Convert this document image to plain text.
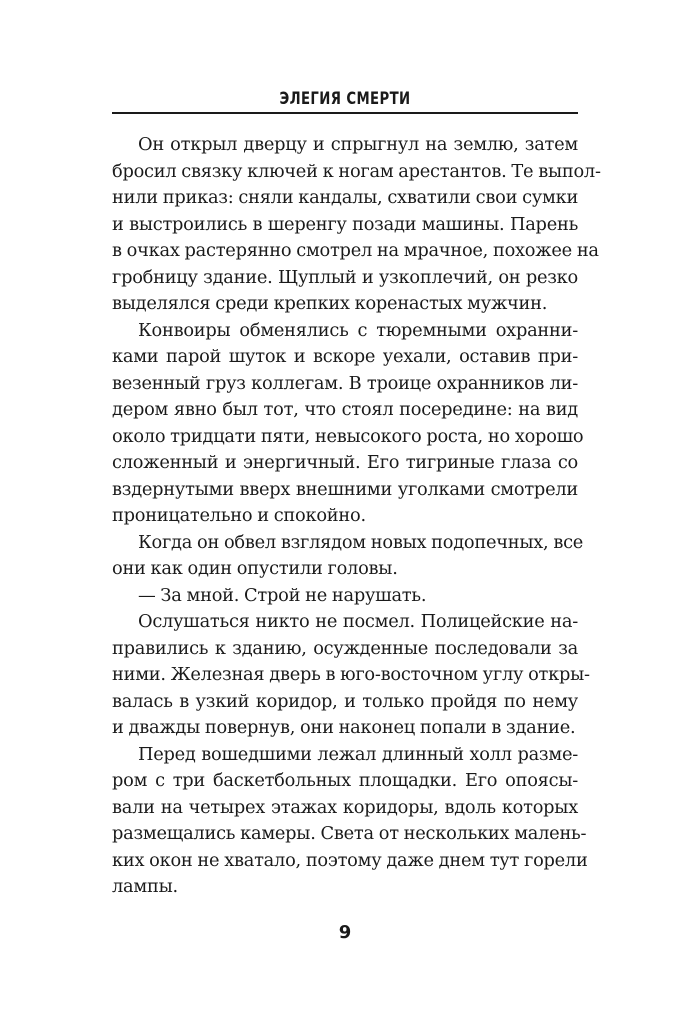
ЭЛЕГИЯ СМЕРТИ
Он открыл дверцу и спрыгнул на землю, затем
бросил связку ключей к ногам арестантов. Те выпол-
нили приказ: сняли кандалы, схватили свои сумки
и выстроились в шеренгу позади машины. Парень
в очках растерянно смотрел на мрачное, похожее на
гробницу здание. Щуплый и узкоплечий, он резко
выделялся среди крепких коренастых мужчин.
Конвоиры обменялись с тюремными охранни-
ками парой шуток и вскоре уехали, оставив при-
везенный груз коллегам. В троице охранников ли-
дером явно был тот, что стоял посередине: на вид
около тридцати пяти, невысокого роста, но хорошо
сложенный и энергичный. Его тигриные глаза со
вздернутыми вверх внешними уголками смотрели
проницательно и спокойно.
Когда он обвел взглядом новых подопечных, все
они как один опустили головы.
— За мной. Строй не нарушать.
Ослушаться никто не посмел. Полицейские на-
правились к зданию, осужденные последовали за
ними. Железная дверь в юго-восточном углу откры-
валась в узкий коридор, и только пройдя по нему
и дважды повернув, они наконец попали в здание.
Перед вошедшими лежал длинный холл разме-
ром с три баскетбольных площадки. Его опоясы-
вали на четырех этажах коридоры, вдоль которых
размещались камеры. Света от нескольких малень-
ких окон не хватало, поэтому даже днем тут горели
лампы.
9
